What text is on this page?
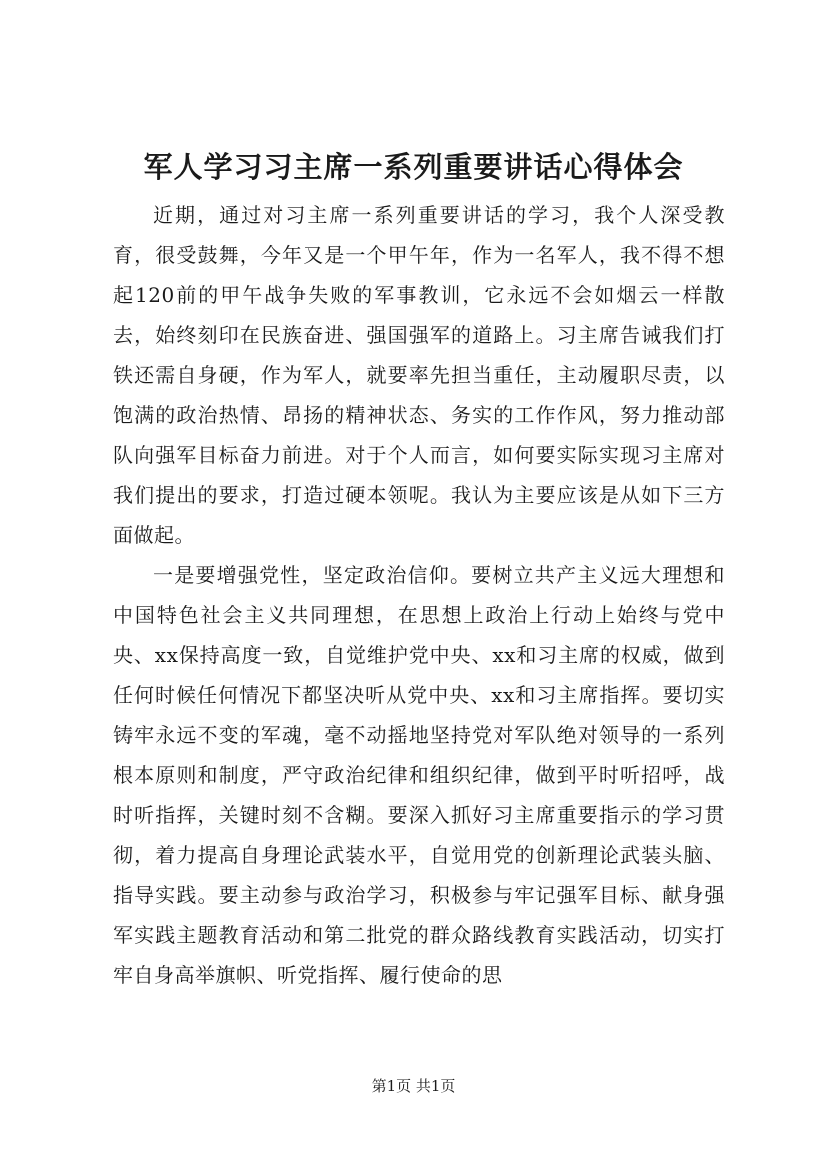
军人学习习主席一系列重要讲话心得体会

近期，通过对习主席一系列重要讲话的学习，我个人深受教育，很受鼓舞，今年又是一个甲午年，作为一名军人，我不得不想起120前的甲午战争失败的军事教训，它永远不会如烟云一样散去，始终刻印在民族奋进、强国强军的道路上。习主席告诫我们打铁还需自身硬，作为军人，就要率先担当重任，主动履职尽责，以饱满的政治热情、昂扬的精神状态、务实的工作作风，努力推动部队向强军目标奋力前进。对于个人而言，如何要实际实现习主席对我们提出的要求，打造过硬本领呢。我认为主要应该是从如下三方面做起。

一是要增强党性，坚定政治信仰。要树立共产主义远大理想和中国特色社会主义共同理想，在思想上政治上行动上始终与党中央、xx保持高度一致，自觉维护党中央、xx和习主席的权威，做到任何时候任何情况下都坚决听从党中央、xx和习主席指挥。要切实铸牢永远不变的军魂，毫不动摇地坚持党对军队绝对领导的一系列根本原则和制度，严守政治纪律和组织纪律，做到平时听招呼，战时听指挥，关键时刻不含糊。要深入抓好习主席重要指示的学习贯彻，着力提高自身理论武装水平，自觉用党的创新理论武装头脑、指导实践。要主动参与政治学习，积极参与牢记强军目标、献身强军实践主题教育活动和第二批党的群众路线教育实践活动，切实打牢自身高举旗帜、听党指挥、履行使命的思

第1页 共1页
